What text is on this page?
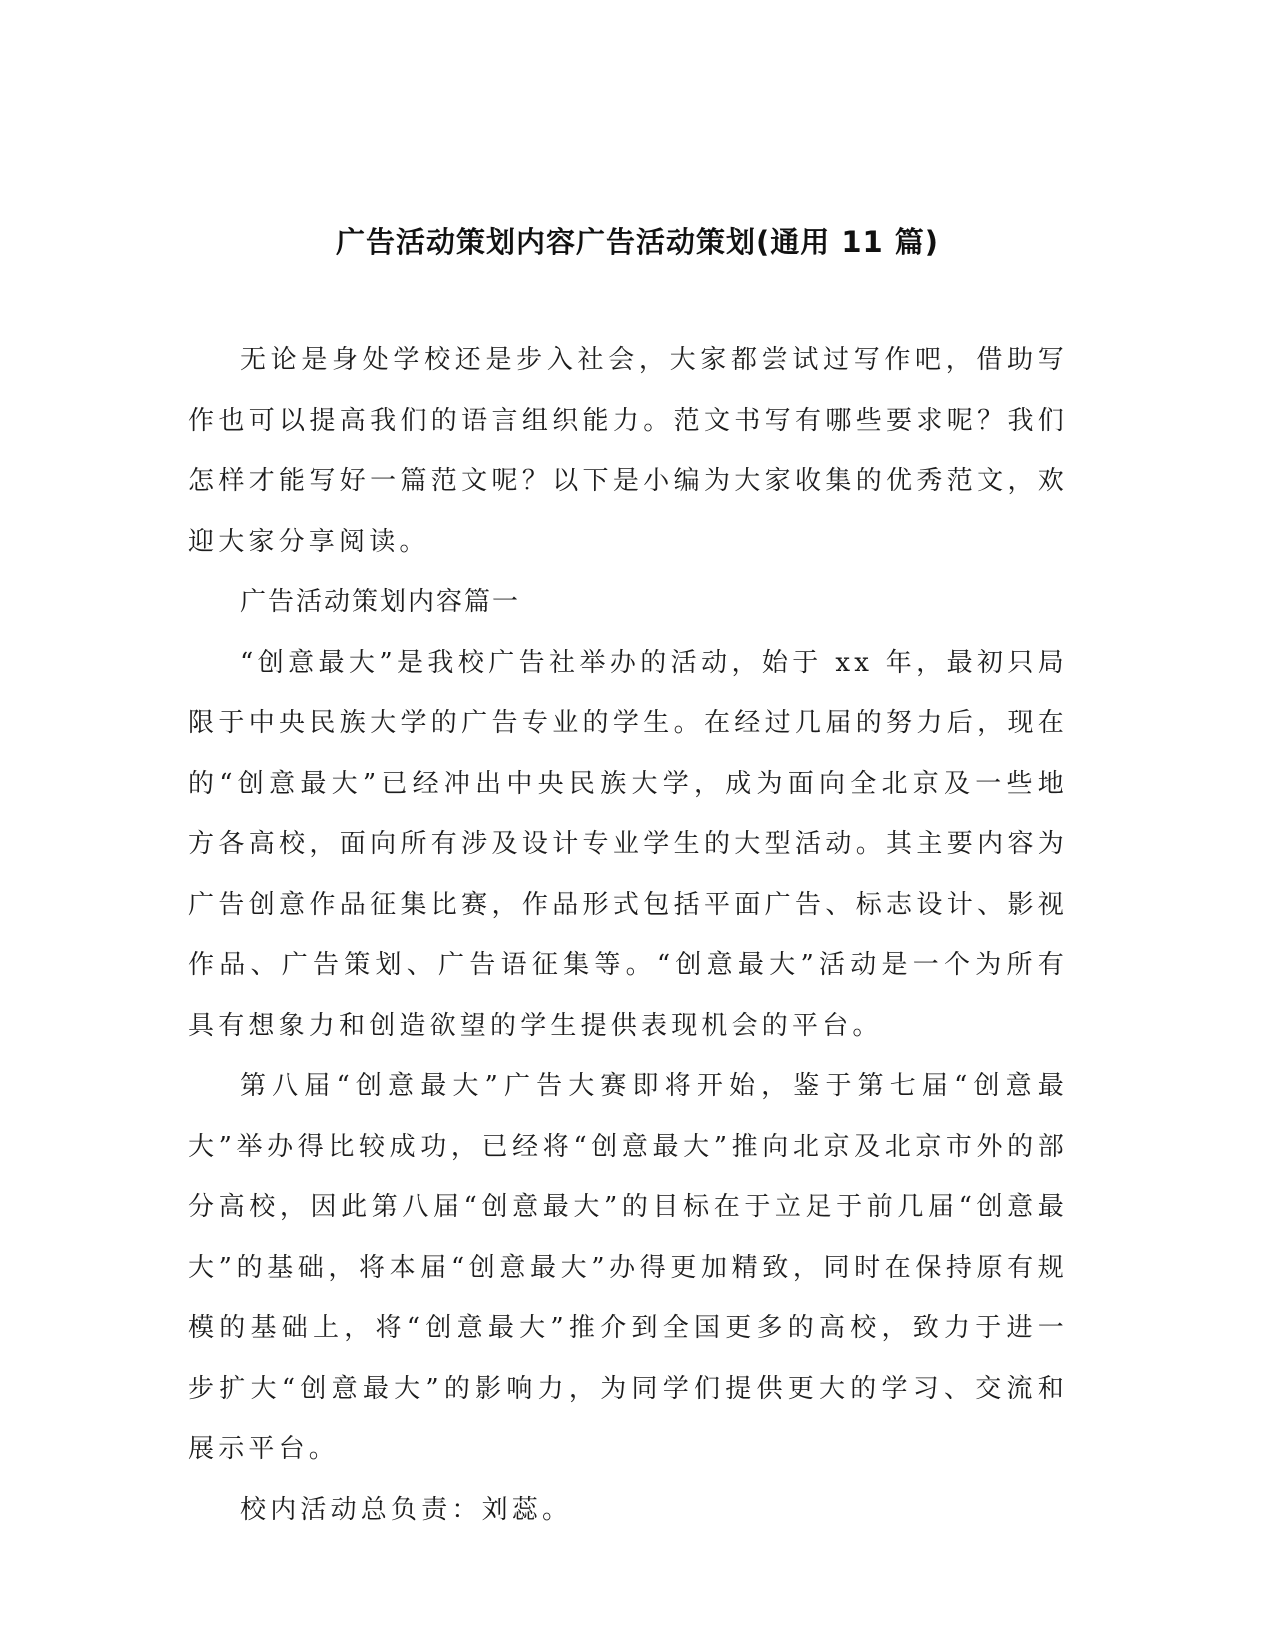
广告活动策划内容广告活动策划(通用 11 篇)

无论是身处学校还是步入社会，大家都尝试过写作吧，借助写作也可以提高我们的语言组织能力。范文书写有哪些要求呢？我们怎样才能写好一篇范文呢？以下是小编为大家收集的优秀范文，欢迎大家分享阅读。

广告活动策划内容篇一

“创意最大”是我校广告社举办的活动，始于 xx 年，最初只局限于中央民族大学的广告专业的学生。在经过几届的努力后，现在的“创意最大”已经冲出中央民族大学，成为面向全北京及一些地方各高校，面向所有涉及设计专业学生的大型活动。其主要内容为广告创意作品征集比赛，作品形式包括平面广告、标志设计、影视作品、广告策划、广告语征集等。“创意最大”活动是一个为所有具有想象力和创造欲望的学生提供表现机会的平台。

第八届“创意最大”广告大赛即将开始，鉴于第七届“创意最大”举办得比较成功，已经将“创意最大”推向北京及北京市外的部分高校，因此第八届“创意最大”的目标在于立足于前几届“创意最大”的基础，将本届“创意最大”办得更加精致，同时在保持原有规模的基础上，将“创意最大”推介到全国更多的高校，致力于进一步扩大“创意最大”的影响力，为同学们提供更大的学习、交流和展示平台。

校内活动总负责：刘蕊。
